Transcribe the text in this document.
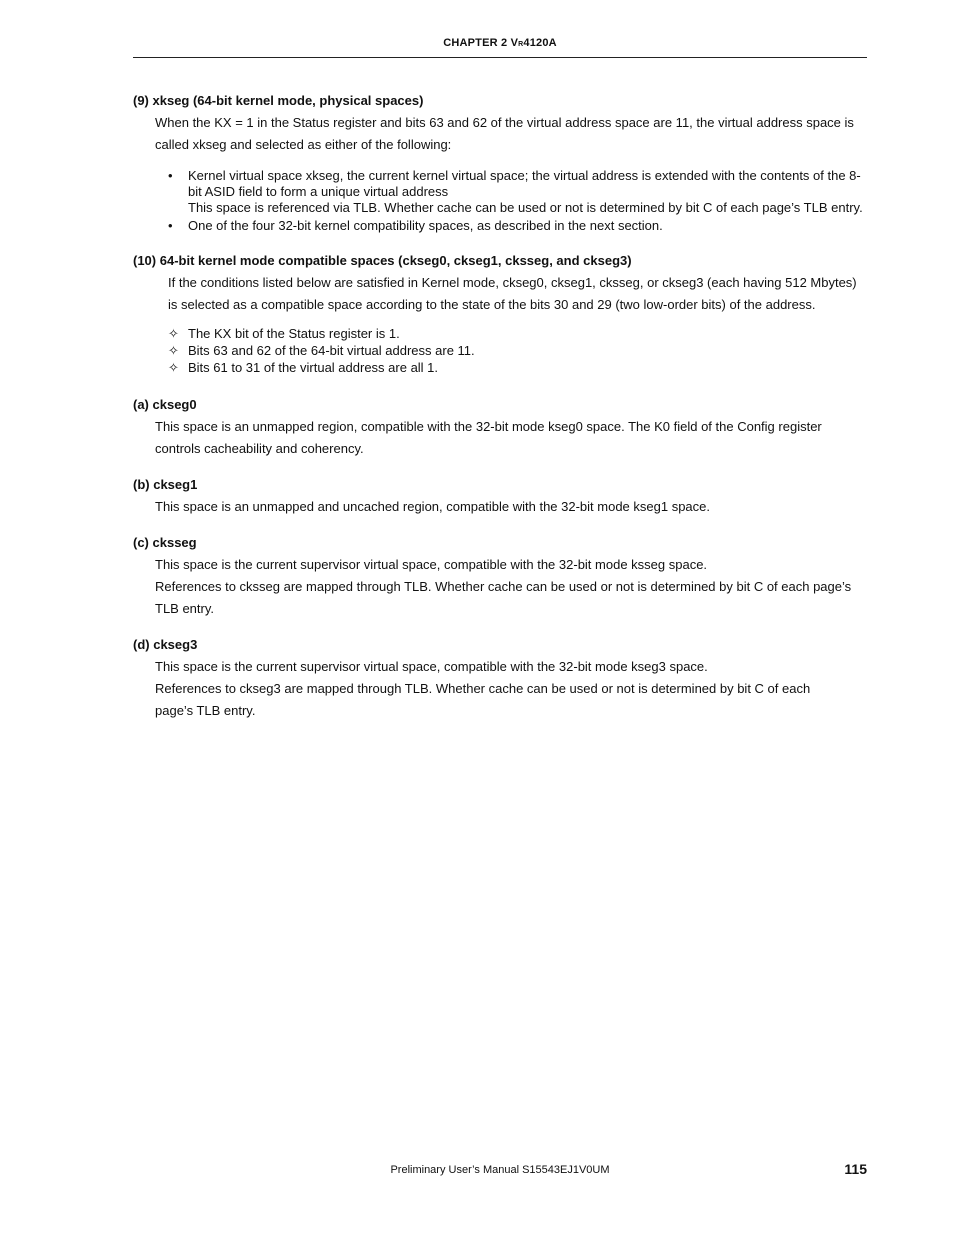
CHAPTER 2 VR4120A

(9) xkseg (64-bit kernel mode, physical spaces)

When the KX = 1 in the Status register and bits 63 and 62 of the virtual address space are 11, the virtual address space is called xkseg and selected as either of the following:

• Kernel virtual space xkseg, the current kernel virtual space; the virtual address is extended with the contents of the 8-bit ASID field to form a unique virtual address
This space is referenced via TLB. Whether cache can be used or not is determined by bit C of each page’s TLB entry.
• One of the four 32-bit kernel compatibility spaces, as described in the next section.

(10) 64-bit kernel mode compatible spaces (ckseg0, ckseg1, cksseg, and ckseg3)

If the conditions listed below are satisfied in Kernel mode, ckseg0, ckseg1, cksseg, or ckseg3 (each having 512 Mbytes) is selected as a compatible space according to the state of the bits 30 and 29 (two low-order bits) of the address.

✧ The KX bit of the Status register is 1.
✧ Bits 63 and 62 of the 64-bit virtual address are 11.
✧ Bits 61 to 31 of the virtual address are all 1.

(a) ckseg0

This space is an unmapped region, compatible with the 32-bit mode kseg0 space. The K0 field of the Config register controls cacheability and coherency.

(b) ckseg1

This space is an unmapped and uncached region, compatible with the 32-bit mode kseg1 space.

(c) cksseg

This space is the current supervisor virtual space, compatible with the 32-bit mode ksseg space.

References to cksseg are mapped through TLB. Whether cache can be used or not is determined by bit C of each page’s TLB entry.

(d) ckseg3

This space is the current supervisor virtual space, compatible with the 32-bit mode kseg3 space.

References to ckseg3 are mapped through TLB. Whether cache can be used or not is determined by bit C of each page’s TLB entry.

Preliminary User’s Manual S15543EJ1V0UM	115
